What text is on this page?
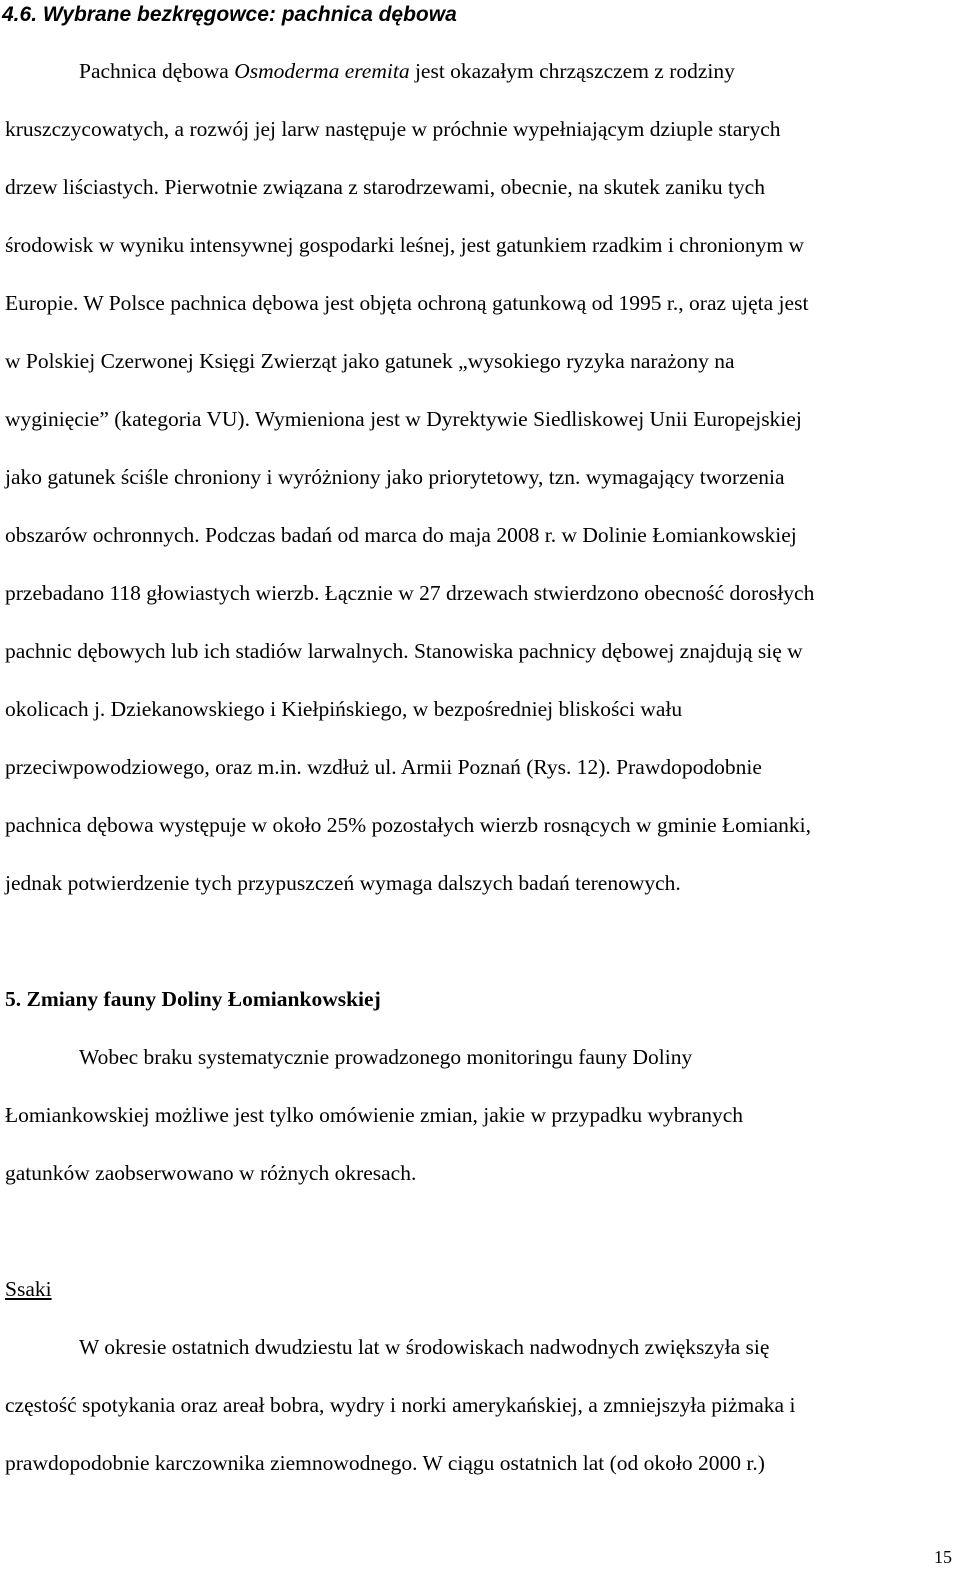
4.6. Wybrane bezkręgowce: pachnica dębowa
Pachnica dębowa Osmoderma eremita jest okazałym chrząszczem z rodziny
kruszczycowatych, a rozwój jej larw następuje w próchnie wypełniającym dziuple starych
drzew liściastych. Pierwotnie związana z starodrzewami, obecnie, na skutek zaniku tych
środowisk w wyniku intensywnej gospodarki leśnej, jest gatunkiem rzadkim i chronionym w
Europie. W Polsce pachnica dębowa jest objęta ochroną gatunkową od 1995 r., oraz ujęta jest
w Polskiej Czerwonej Księgi Zwierząt jako gatunek „wysokiego ryzyka narażony na
wyginięcie” (kategoria VU). Wymieniona jest w Dyrektywie Siedliskowej Unii Europejskiej
jako gatunek ściśle chroniony i wyróżniony jako priorytetowy, tzn. wymagający tworzenia
obszarów ochronnych. Podczas badań od marca do maja 2008 r. w Dolinie Łomiankowskiej
przebadano 118 głowiastych wierzb. Łącznie w 27 drzewach stwierdzono obecność dorosłych
pachnic dębowych lub ich stadiów larwalnych. Stanowiska pachnicy dębowej znajdują się w
okolicach j. Dziekanowskiego i Kiełpińskiego, w bezpośredniej bliskości wału
przeciwpowodziowego, oraz m.in. wzdłuż ul. Armii Poznań (Rys. 12). Prawdopodobnie
pachnica dębowa występuje w około 25% pozostałych wierzb rosnących w gminie Łomianki,
jednak potwierdzenie tych przypuszczeń wymaga dalszych badań terenowych.
5. Zmiany fauny Doliny Łomiankowskiej
Wobec braku systematycznie prowadzonego monitoringu fauny Doliny
Łomiankowskiej możliwe jest tylko omówienie zmian, jakie w przypadku wybranych
gatunków zaobserwowano w różnych okresach.
Ssaki
W okresie ostatnich dwudziestu lat w środowiskach nadwodnych zwiększyła się
częstość spotykania oraz areał bobra, wydry i norki amerykańskiej, a zmniejszyła piżmaka i
prawdopodobnie karczownika ziemnowodnego. W ciągu ostatnich lat (od około 2000 r.)
15
